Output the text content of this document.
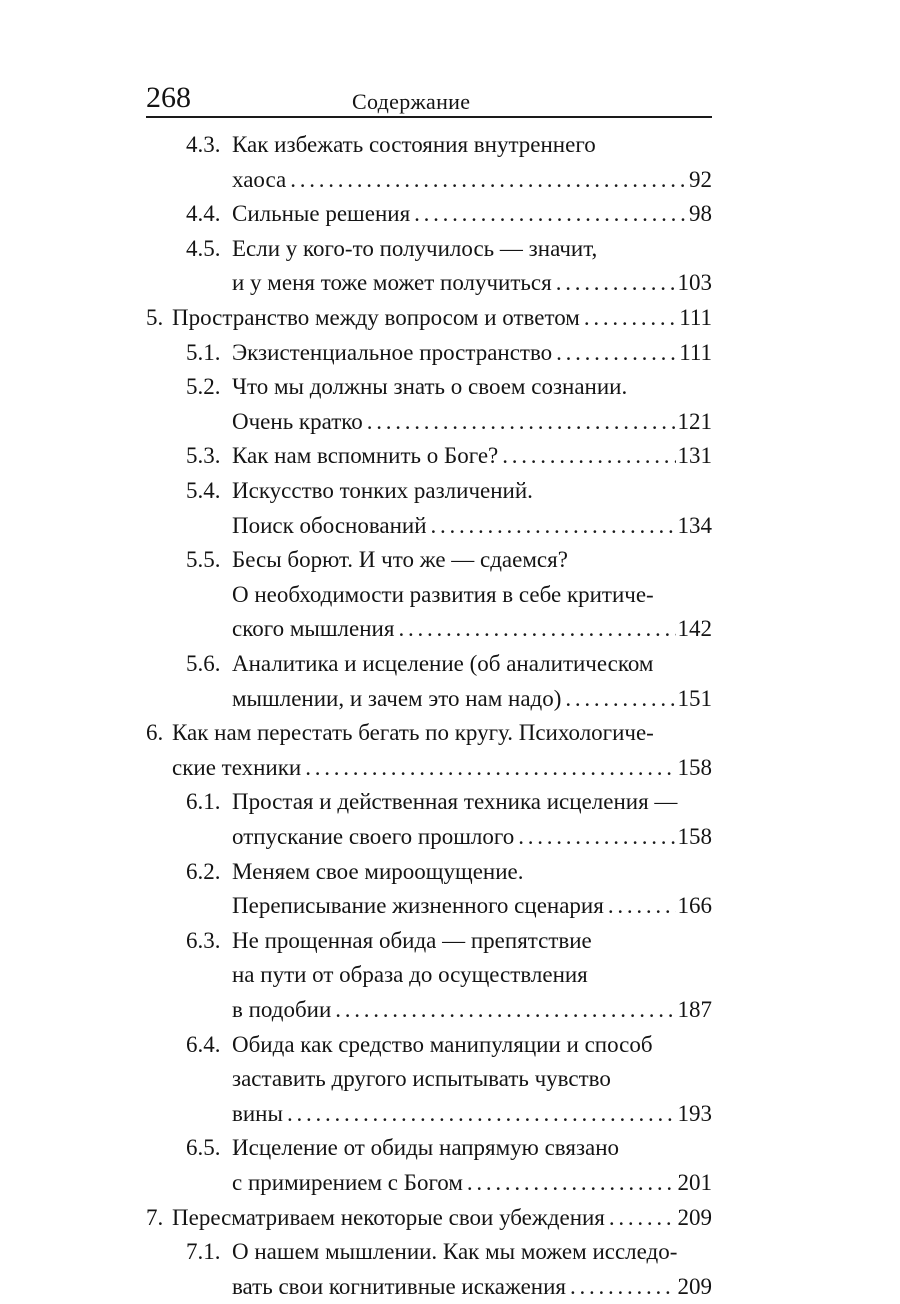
268	Содержание
4.3. Как избежать состояния внутреннего
хаоса . . .	92
4.4. Сильные решения . . .	98
4.5. Если у кого-то получилось — значит,
и у меня тоже может получиться . . .	103
5. Пространство между вопросом и ответом . . .	111
5.1. Экзистенциальное пространство . . .	111
5.2. Что мы должны знать о своем сознании.
Очень кратко . . .	121
5.3. Как нам вспомнить о Боге? . . .	131
5.4. Искусство тонких различений.
Поиск обоснований . . .	134
5.5. Бесы борют. И что же — сдаемся?
О необходимости развития в себе критиче-
ского мышления . . .	142
5.6. Аналитика и исцеление (об аналитическом
мышлении, и зачем это нам надо) . . .	151
6. Как нам перестать бегать по кругу. Психологиче-
ские техники . . .	158
6.1. Простая и действенная техника исцеления —
отпускание своего прошлого . . .	158
6.2. Меняем свое мироощущение.
Переписывание жизненного сценария . . .	166
6.3. Не прощенная обида — препятствие
на пути от образа до осуществления
в подобии . . .	187
6.4. Обида как средство манипуляции и способ
заставить другого испытывать чувство
вины . . .	193
6.5. Исцеление от обиды напрямую связано
с примирением с Богом . . .	201
7. Пересматриваем некоторые свои убеждения . . .	209
7.1. О нашем мышлении. Как мы можем исследо-
вать свои когнитивные искажения . . .	209
